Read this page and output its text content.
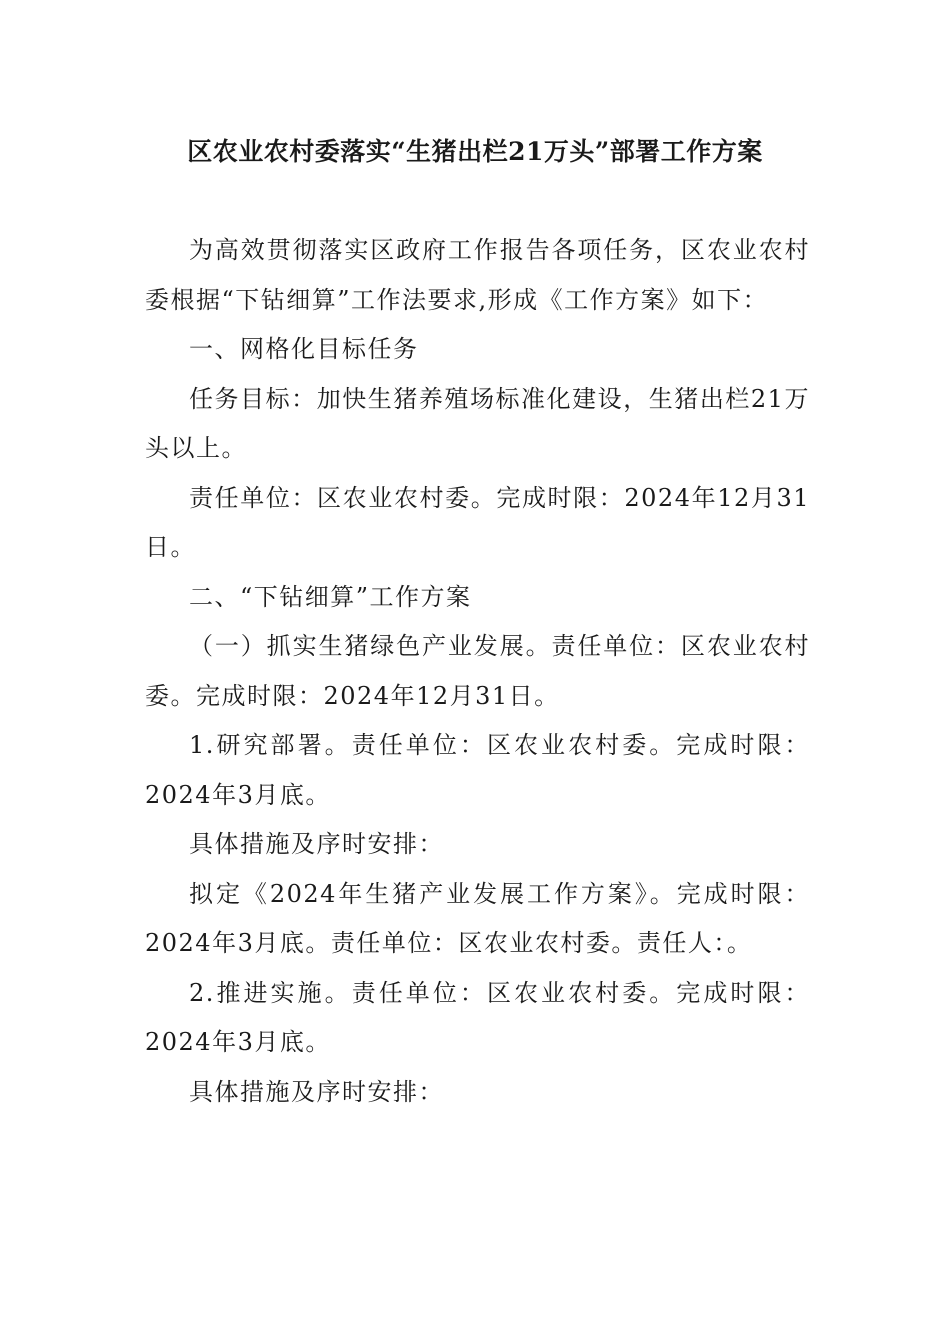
区农业农村委落实“生猪出栏21万头”部署工作方案

为高效贯彻落实区政府工作报告各项任务，区农业农村委根据“下钻细算”工作法要求,形成《工作方案》如下：

一、网格化目标任务

任务目标：加快生猪养殖场标准化建设，生猪出栏21万头以上。

责任单位：区农业农村委。完成时限：2024年12月31日。

二、“下钻细算”工作方案

（一）抓实生猪绿色产业发展。责任单位：区农业农村委。完成时限：2024年12月31日。

1.研究部署。责任单位：区农业农村委。完成时限：2024年3月底。

具体措施及序时安排：

拟定《2024年生猪产业发展工作方案》。完成时限：2024年3月底。责任单位：区农业农村委。责任人：。

2.推进实施。责任单位：区农业农村委。完成时限：2024年3月底。

具体措施及序时安排：
